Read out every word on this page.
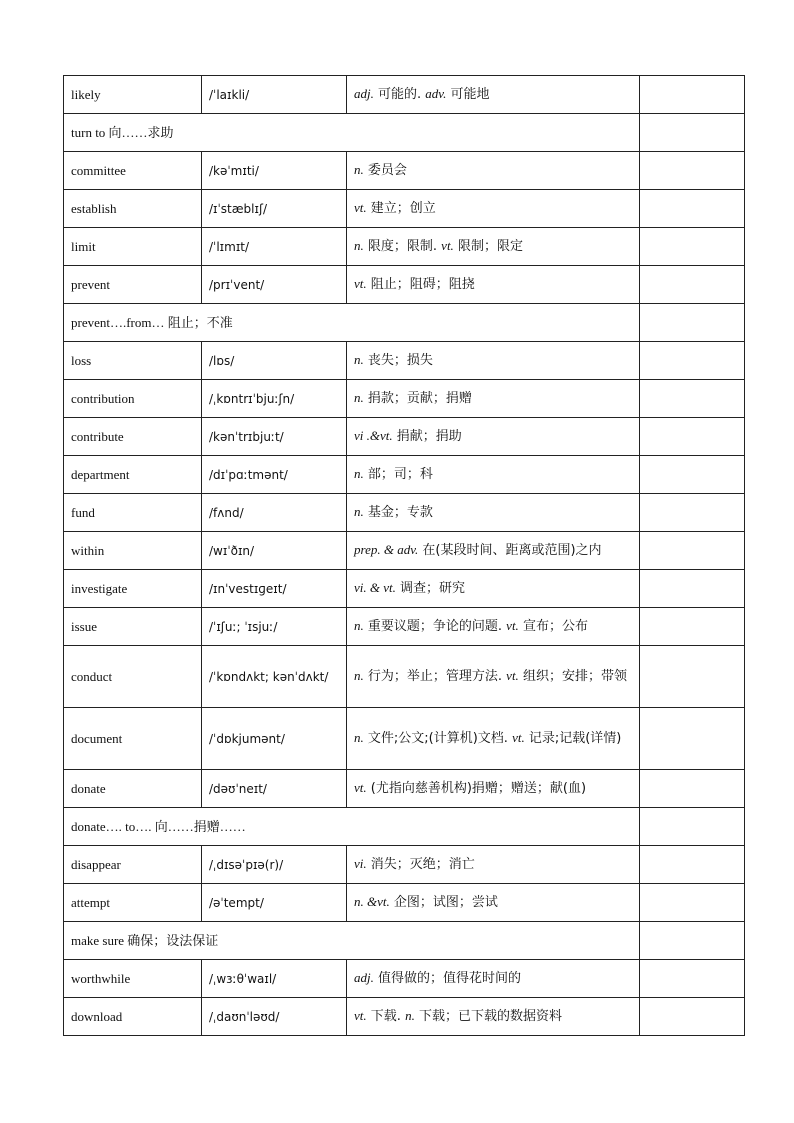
likely	/ˈlaɪkli/	adj. 可能的. adv. 可能地	
turn to 向……求助			
committee	/kəˈmɪti/	n. 委员会	
establish	/ɪˈstæblɪʃ/	vt. 建立；创立	
limit	/ˈlɪmɪt/	n. 限度；限制. vt. 限制；限定	
prevent	/prɪˈvent/	vt. 阻止；阻碍；阻挠	
prevent….from… 阻止；不准			
loss	/lɒs/	n. 丧失；损失	
contribution	/ˌkɒntrɪˈbjuːʃn/	n. 捐款；贡献；捐赠	
contribute	/kənˈtrɪbjuːt/	vi .&vt. 捐献；捐助	
department	/dɪˈpɑːtmənt/	n. 部；司；科	
fund	/fʌnd/	n. 基金；专款	
within	/wɪˈðɪn/	prep. & adv. 在(某段时间、距离或范围)之内	
investigate	/ɪnˈvestɪɡeɪt/	vi. & vt. 调查；研究	
issue	/ˈɪʃuː; ˈɪsjuː/	n. 重要议题；争论的问题. vt. 宣布；公布	
conduct	/ˈkɒndʌkt; kənˈdʌkt/	n. 行为；举止；管理方法. vt. 组织；安排；带领	
document	/ˈdɒkjumənt/	n. 文件;公文;(计算机)文档. vt. 记录;记载(详情)	
donate	/dəʊˈneɪt/	vt. (尤指向慈善机构)捐赠；赠送；献(血)	
donate…. to…. 向……捐赠……			
disappear	/ˌdɪsəˈpɪə(r)/	vi. 消失；灭绝；消亡	
attempt	/əˈtempt/	n. &vt. 企图；试图；尝试	
make sure 确保；设法保证			
worthwhile	/ˌwɜːθˈwaɪl/	adj. 值得做的；值得花时间的	
download	/ˌdaʊnˈləʊd/	vt. 下载. n. 下载；已下载的数据资料	
